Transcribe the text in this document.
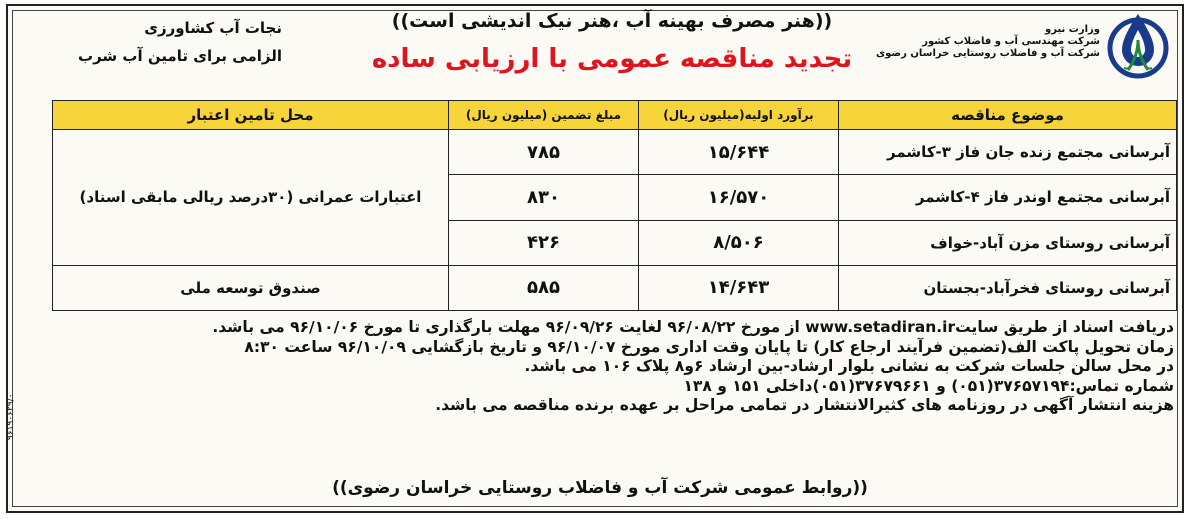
وزارت نیرو
شرکت مهندسی آب و فاضلاب کشور
شرکت آب و فاضلاب روستایی خراسان رضوی
((هنر مصرف بهینه آب ،هنر نیک اندیشی است))
تجدید مناقصه عمومی با ارزیابی ساده
نجات آب کشاورزی
الزامی برای تامین آب شرب
موضوع مناقصه	برآورد اولیه(میلیون ریال)	مبلغ تضمین (میلیون ریال)	محل تامین اعتبار
آبرسانی مجتمع زنده جان فاز ۳-کاشمر	۱۵/۶۴۴	۷۸۵	اعتبارات عمرانی (۳۰درصد ریالی مابقی اسناد)
آبرسانی مجتمع اوندر فاز ۴-کاشمر	۱۶/۵۷۰	۸۳۰	
آبرسانی روستای مزن آباد-خواف	۸/۵۰۶	۴۲۶	
آبرسانی روستای فخرآباد-بجستان	۱۴/۶۴۳	۵۸۵	صندوق توسعه ملی

دریافت اسناد از طریق سایتwww.setadiran.ir از مورخ ۹۶/۰۸/۲۲ لغایت ۹۶/۰۹/۲۶ مهلت بارگذاری تا مورخ ۹۶/۱۰/۰۶ می باشد.

زمان تحویل پاکت الف(تضمین فرآیند ارجاع کار) تا پایان وقت اداری مورخ ۹۶/۱۰/۰۷ و تاریخ بازگشایی ۹۶/۱۰/۰۹ ساعت ۸:۳۰

در محل سالن جلسات شرکت به نشانی بلوار ارشاد-بین ارشاد ۶و۸ پلاک ۱۰۶ می باشد.

شماره تماس:۳۷۶۵۷۱۹۴(۰۵۱) و ۳۷۶۷۹۶۶۱(۰۵۱)داخلی ۱۵۱ و ۱۳۸

هزینه انتشار آگهی در روزنامه های کثیرالانتشار در تمامی مراحل بر عهده برنده مناقصه می باشد.

((روابط عمومی شرکت آب و فاضلاب روستایی خراسان رضوی))
۹۶۱۹۰۶۲۹/۰
